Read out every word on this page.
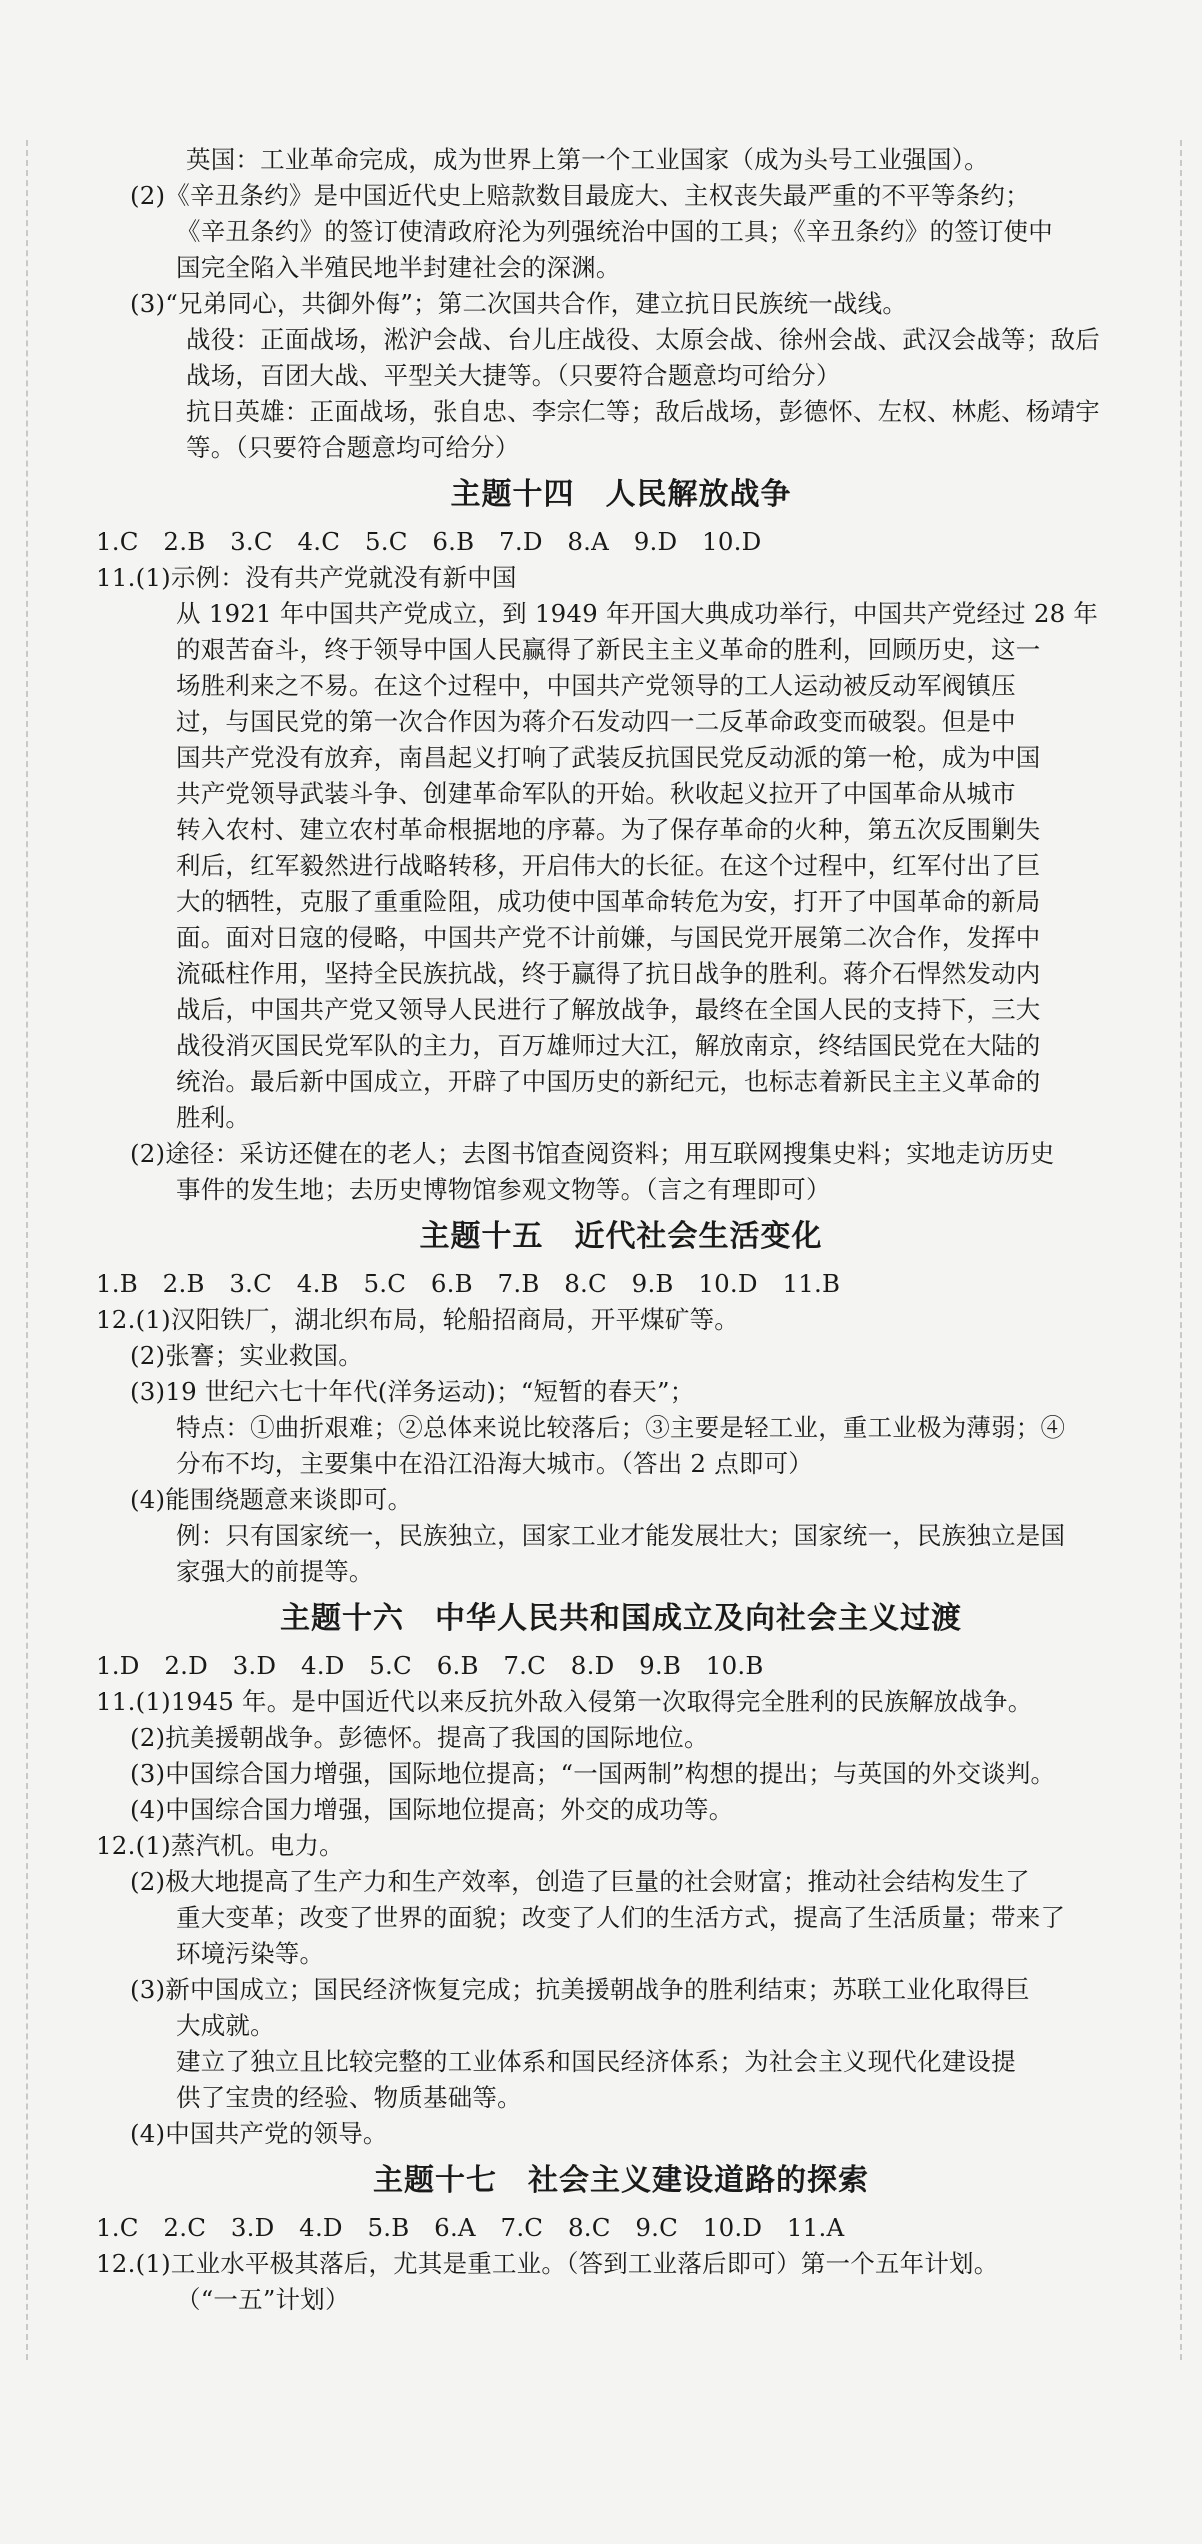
英国：工业革命完成，成为世界上第一个工业国家（成为头号工业强国）。
(2)《辛丑条约》是中国近代史上赔款数目最庞大、主权丧失最严重的不平等条约；
《辛丑条约》的签订使清政府沦为列强统治中国的工具；《辛丑条约》的签订使中
国完全陷入半殖民地半封建社会的深渊。
(3)“兄弟同心，共御外侮”；第二次国共合作，建立抗日民族统一战线。
战役：正面战场，淞沪会战、台儿庄战役、太原会战、徐州会战、武汉会战等；敌后
战场，百团大战、平型关大捷等。（只要符合题意均可给分）
抗日英雄：正面战场，张自忠、李宗仁等；敌后战场，彭德怀、左权、林彪、杨靖宇
等。（只要符合题意均可给分）
主题十四　人民解放战争
1.C　2.B　3.C　4.C　5.C　6.B　7.D　8.A　9.D　10.D
11.(1)示例：没有共产党就没有新中国
从 1921 年中国共产党成立，到 1949 年开国大典成功举行，中国共产党经过 28 年
的艰苦奋斗，终于领导中国人民赢得了新民主主义革命的胜利，回顾历史，这一
场胜利来之不易。在这个过程中，中国共产党领导的工人运动被反动军阀镇压
过，与国民党的第一次合作因为蒋介石发动四一二反革命政变而破裂。但是中
国共产党没有放弃，南昌起义打响了武装反抗国民党反动派的第一枪，成为中国
共产党领导武装斗争、创建革命军队的开始。秋收起义拉开了中国革命从城市
转入农村、建立农村革命根据地的序幕。为了保存革命的火种，第五次反围剿失
利后，红军毅然进行战略转移，开启伟大的长征。在这个过程中，红军付出了巨
大的牺牲，克服了重重险阻，成功使中国革命转危为安，打开了中国革命的新局
面。面对日寇的侵略，中国共产党不计前嫌，与国民党开展第二次合作，发挥中
流砥柱作用，坚持全民族抗战，终于赢得了抗日战争的胜利。蒋介石悍然发动内
战后，中国共产党又领导人民进行了解放战争，最终在全国人民的支持下，三大
战役消灭国民党军队的主力，百万雄师过大江，解放南京，终结国民党在大陆的
统治。最后新中国成立，开辟了中国历史的新纪元，也标志着新民主主义革命的
胜利。
(2)途径：采访还健在的老人；去图书馆查阅资料；用互联网搜集史料；实地走访历史
事件的发生地；去历史博物馆参观文物等。（言之有理即可）
主题十五　近代社会生活变化
1.B　2.B　3.C　4.B　5.C　6.B　7.B　8.C　9.B　10.D　11.B
12.(1)汉阳铁厂，湖北织布局，轮船招商局，开平煤矿等。
(2)张謇；实业救国。
(3)19 世纪六七十年代(洋务运动)；“短暂的春天”；
特点：①曲折艰难；②总体来说比较落后；③主要是轻工业，重工业极为薄弱；④
分布不均，主要集中在沿江沿海大城市。（答出 2 点即可）
(4)能围绕题意来谈即可。
例：只有国家统一，民族独立，国家工业才能发展壮大；国家统一，民族独立是国
家强大的前提等。
主题十六　中华人民共和国成立及向社会主义过渡
1.D　2.D　3.D　4.D　5.C　6.B　7.C　8.D　9.B　10.B
11.(1)1945 年。是中国近代以来反抗外敌入侵第一次取得完全胜利的民族解放战争。
(2)抗美援朝战争。彭德怀。提高了我国的国际地位。
(3)中国综合国力增强，国际地位提高；“一国两制”构想的提出；与英国的外交谈判。
(4)中国综合国力增强，国际地位提高；外交的成功等。
12.(1)蒸汽机。电力。
(2)极大地提高了生产力和生产效率，创造了巨量的社会财富；推动社会结构发生了
重大变革；改变了世界的面貌；改变了人们的生活方式，提高了生活质量；带来了
环境污染等。
(3)新中国成立；国民经济恢复完成；抗美援朝战争的胜利结束；苏联工业化取得巨
大成就。
建立了独立且比较完整的工业体系和国民经济体系；为社会主义现代化建设提
供了宝贵的经验、物质基础等。
(4)中国共产党的领导。
主题十七　社会主义建设道路的探索
1.C　2.C　3.D　4.D　5.B　6.A　7.C　8.C　9.C　10.D　11.A
12.(1)工业水平极其落后，尤其是重工业。（答到工业落后即可）第一个五年计划。
（“一五”计划）
